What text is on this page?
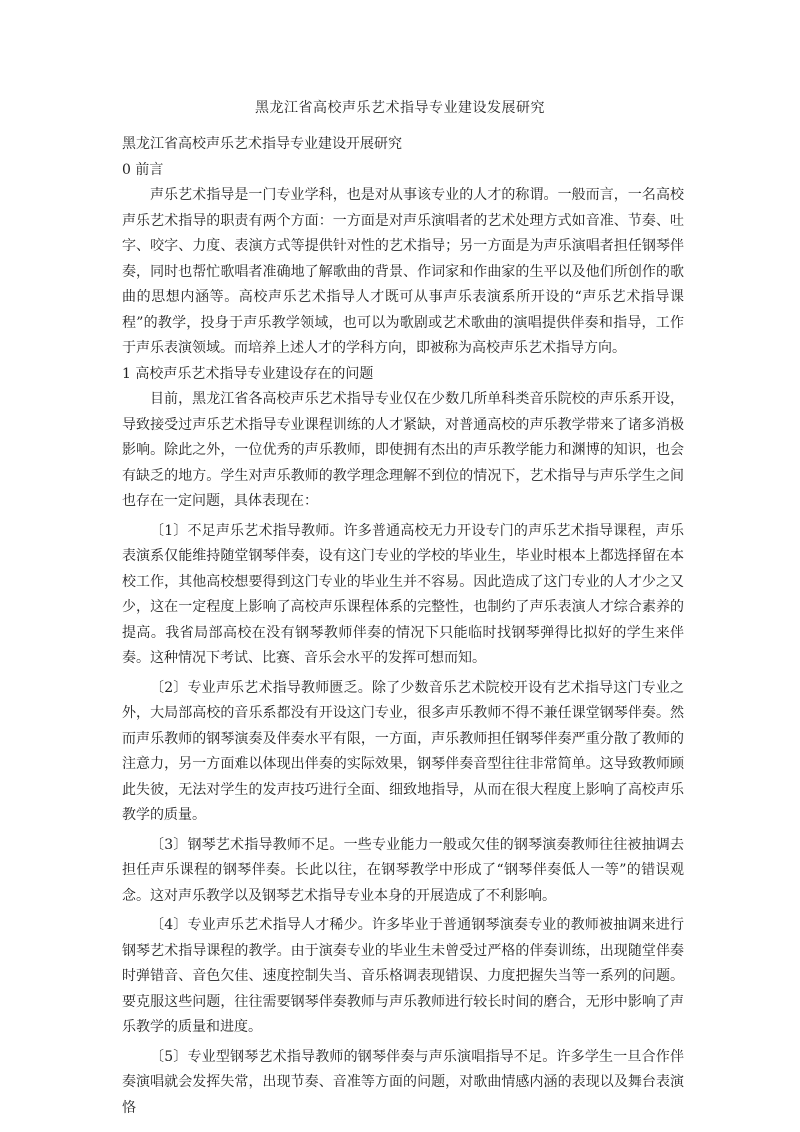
黑龙江省高校声乐艺术指导专业建设发展研究

黑龙江省高校声乐艺术指导专业建设开展研究

0 前言

声乐艺术指导是一门专业学科，也是对从事该专业的人才的称谓。一般而言，一名高校声乐艺术指导的职责有两个方面：一方面是对声乐演唱者的艺术处理方式如音准、节奏、吐字、咬字、力度、表演方式等提供针对性的艺术指导；另一方面是为声乐演唱者担任钢琴伴奏，同时也帮忙歌唱者准确地了解歌曲的背景、作词家和作曲家的生平以及他们所创作的歌曲的思想内涵等。高校声乐艺术指导人才既可从事声乐表演系所开设的“声乐艺术指导课程”的教学，投身于声乐教学领域，也可以为歌剧或艺术歌曲的演唱提供伴奏和指导，工作于声乐表演领域。而培养上述人才的学科方向，即被称为高校声乐艺术指导方向。

1 高校声乐艺术指导专业建设存在的问题

目前，黑龙江省各高校声乐艺术指导专业仅在少数几所单科类音乐院校的声乐系开设，导致接受过声乐艺术指导专业课程训练的人才紧缺，对普通高校的声乐教学带来了诸多消极影响。除此之外，一位优秀的声乐教师，即使拥有杰出的声乐教学能力和渊博的知识，也会有缺乏的地方。学生对声乐教师的教学理念理解不到位的情况下，艺术指导与声乐学生之间也存在一定问题，具体表现在：

〔1〕不足声乐艺术指导教师。许多普通高校无力开设专门的声乐艺术指导课程，声乐表演系仅能维持随堂钢琴伴奏，设有这门专业的学校的毕业生，毕业时根本上都选择留在本校工作，其他高校想要得到这门专业的毕业生并不容易。因此造成了这门专业的人才少之又少，这在一定程度上影响了高校声乐课程体系的完整性，也制约了声乐表演人才综合素养的提高。我省局部高校在没有钢琴教师伴奏的情况下只能临时找钢琴弹得比拟好的学生来伴奏。这种情况下考试、比赛、音乐会水平的发挥可想而知。

〔2〕专业声乐艺术指导教师匮乏。除了少数音乐艺术院校开设有艺术指导这门专业之外，大局部高校的音乐系都没有开设这门专业，很多声乐教师不得不兼任课堂钢琴伴奏。然而声乐教师的钢琴演奏及伴奏水平有限，一方面，声乐教师担任钢琴伴奏严重分散了教师的注意力，另一方面难以体现出伴奏的实际效果，钢琴伴奏音型往往非常简单。这导致教师顾此失彼，无法对学生的发声技巧进行全面、细致地指导，从而在很大程度上影响了高校声乐教学的质量。

〔3〕钢琴艺术指导教师不足。一些专业能力一般或欠佳的钢琴演奏教师往往被抽调去担任声乐课程的钢琴伴奏。长此以往，在钢琴教学中形成了“钢琴伴奏低人一等”的错误观念。这对声乐教学以及钢琴艺术指导专业本身的开展造成了不利影响。

〔4〕专业声乐艺术指导人才稀少。许多毕业于普通钢琴演奏专业的教师被抽调来进行钢琴艺术指导课程的教学。由于演奏专业的毕业生未曾受过严格的伴奏训练，出现随堂伴奏时弹错音、音色欠佳、速度控制失当、音乐格调表现错误、力度把握失当等一系列的问题。要克服这些问题，往往需要钢琴伴奏教师与声乐教师进行较长时间的磨合，无形中影响了声乐教学的质量和进度。

〔5〕专业型钢琴艺术指导教师的钢琴伴奏与声乐演唱指导不足。许多学生一旦合作伴奏演唱就会发挥失常，出现节奏、音准等方面的问题，对歌曲情感内涵的表现以及舞台表演恪
